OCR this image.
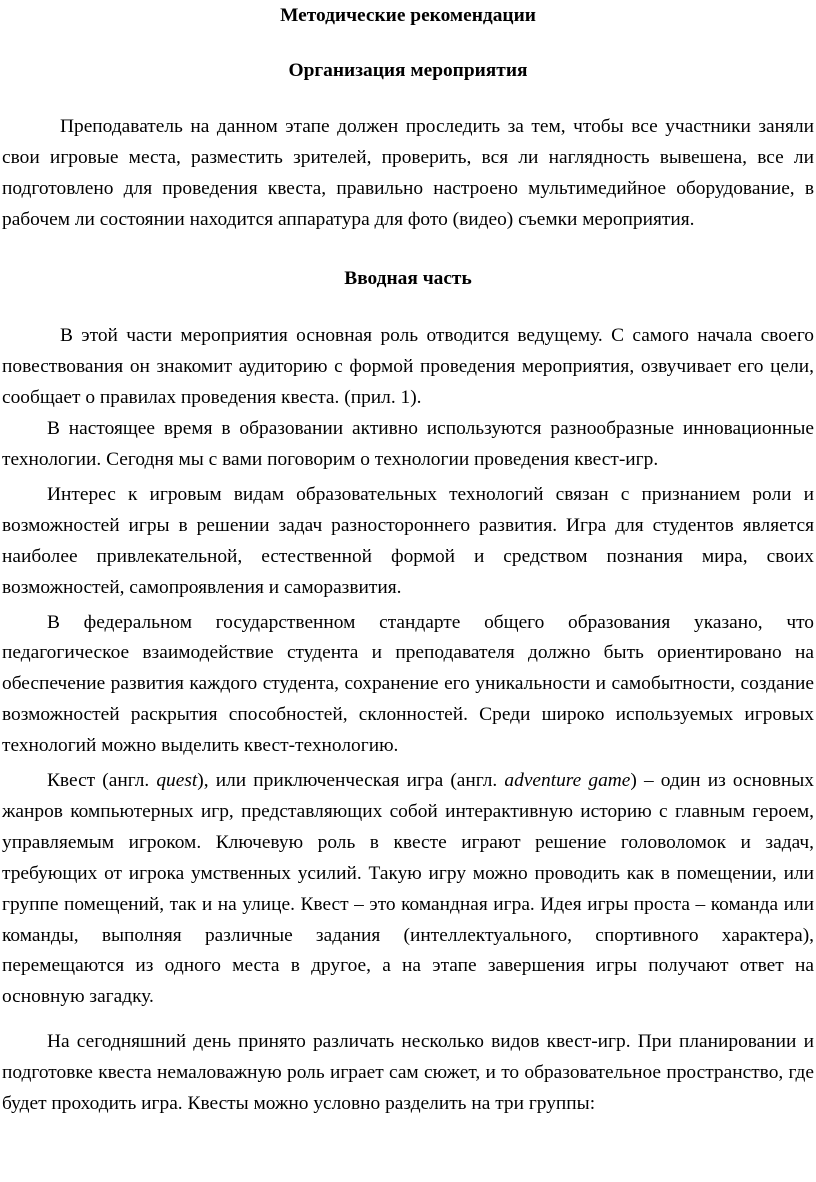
Методические рекомендации
Организация мероприятия

Преподаватель на данном этапе должен проследить за тем, чтобы все участники заняли свои игровые места, разместить зрителей, проверить, вся ли наглядность вывешена, все ли подготовлено для проведения квеста, правильно настроено мультимедийное оборудование, в рабочем ли состоянии находится аппаратура для фото (видео) съемки мероприятия.

Вводная часть

В этой части мероприятия основная роль отводится ведущему. С самого начала своего повествования он знакомит аудиторию с формой проведения мероприятия, озвучивает его цели, сообщает о правилах проведения квеста. (прил. 1).

В настоящее время в образовании активно используются разнообразные инновационные технологии. Сегодня мы с вами поговорим о технологии проведения квест-игр.

Интерес к игровым видам образовательных технологий связан с признанием роли и возможностей игры в решении задач разностороннего развития. Игра для студентов является наиболее привлекательной, естественной формой и средством познания мира, своих возможностей, самопроявления и саморазвития.

В федеральном государственном стандарте общего образования указано, что педагогическое взаимодействие студента и преподавателя должно быть ориентировано на обеспечение развития каждого студента, сохранение его уникальности и самобытности, создание возможностей раскрытия способностей, склонностей. Среди широко используемых игровых технологий можно выделить квест-технологию.

Квест (англ. quest), или приключенческая игра (англ. adventure game) – один из основных жанров компьютерных игр, представляющих собой интерактивную историю с главным героем, управляемым игроком. Ключевую роль в квесте играют решение головоломок и задач, требующих от игрока умственных усилий. Такую игру можно проводить как в помещении, или группе помещений, так и на улице. Квест – это командная игра. Идея игры проста – команда или команды, выполняя различные задания (интеллектуального, спортивного характера), перемещаются из одного места в другое, а на этапе завершения игры получают ответ на основную загадку.

На сегодняшний день принято различать несколько видов квест-игр. При планировании и подготовке квеста немаловажную роль играет сам сюжет, и то образовательное пространство, где будет проходить игра. Квесты можно условно разделить на три группы:
